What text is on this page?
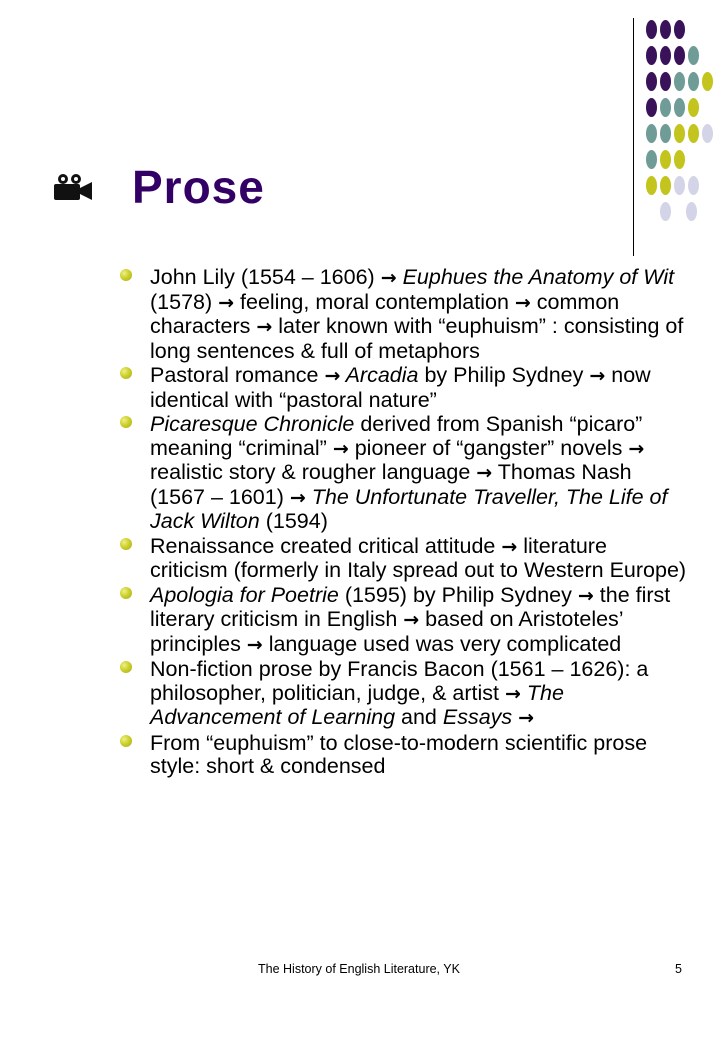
Prose
John Lily (1554 – 1606) → Euphues the Anatomy of Wit (1578) → feeling, moral contemplation → common characters → later known with “euphuism” : consisting of long sentences & full of metaphors
Pastoral romance → Arcadia by Philip Sydney → now identical with “pastoral nature”
Picaresque Chronicle derived from Spanish “picaro” meaning “criminal” → pioneer of “gangster” novels → realistic story & rougher language → Thomas Nash (1567 – 1601) → The Unfortunate Traveller, The Life of Jack Wilton (1594)
Renaissance created critical attitude → literature criticism (formerly in Italy spread out to Western Europe)
Apologia for Poetrie (1595) by Philip Sydney → the first literary criticism in English → based on Aristoteles’ principles → language used was very complicated
Non-fiction prose by Francis Bacon (1561 – 1626): a philosopher, politician, judge, & artist → The Advancement of Learning and Essays →
From “euphuism” to close-to-modern scientific prose style: short & condensed
The History of English Literature, YK	5
